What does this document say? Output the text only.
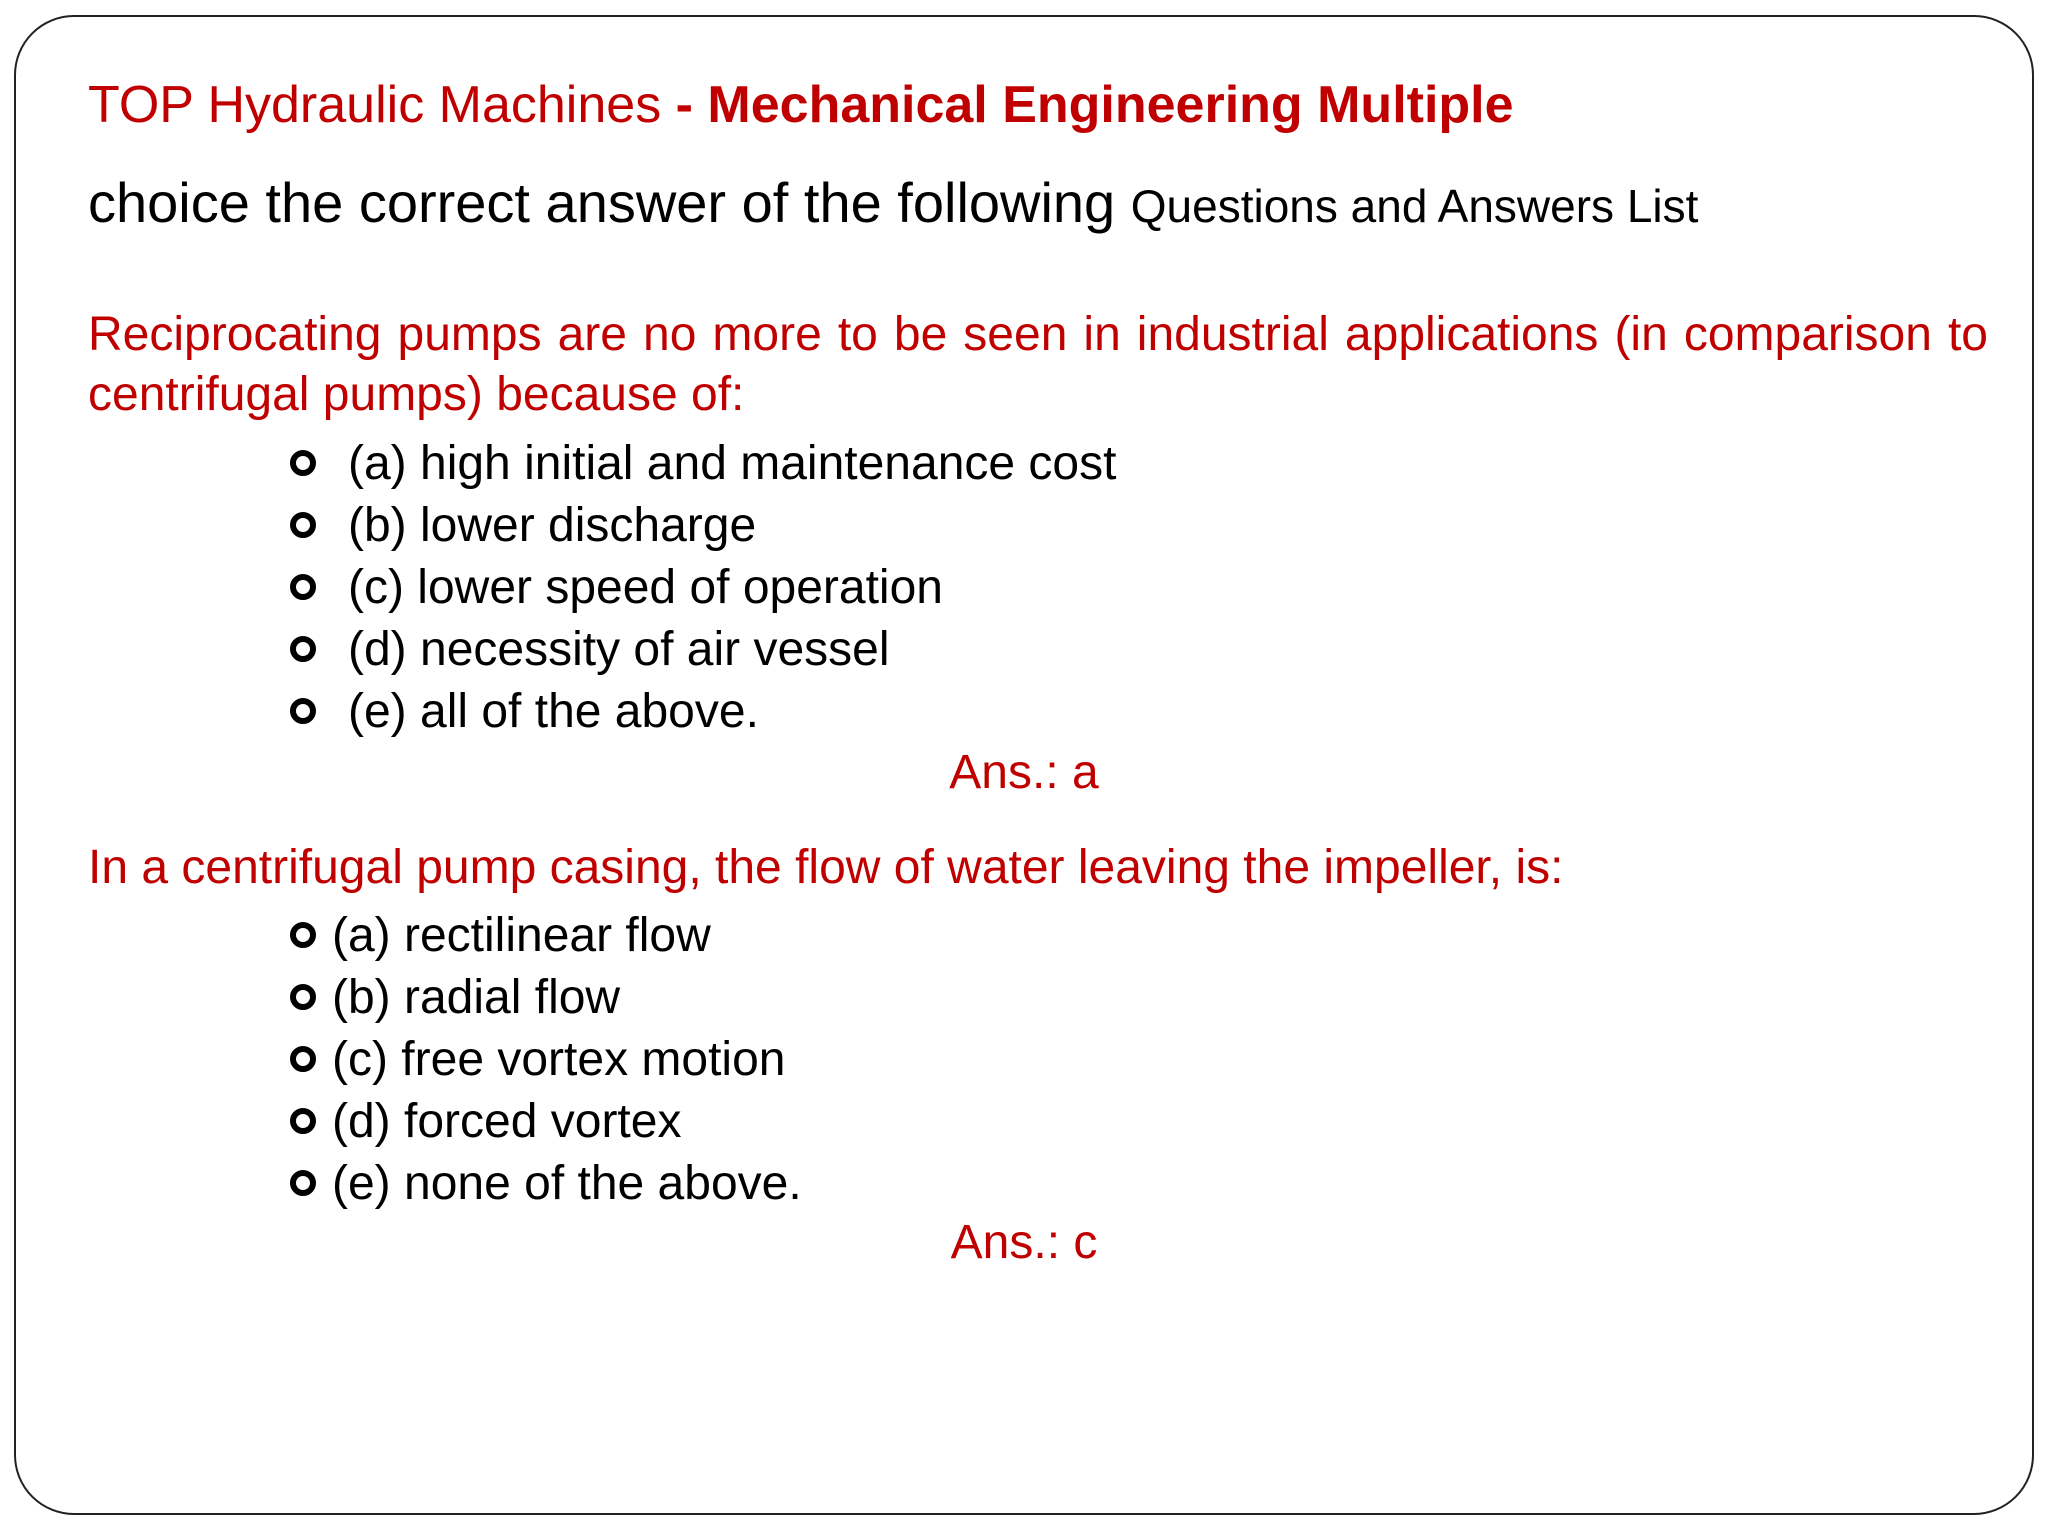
TOP Hydraulic Machines - Mechanical Engineering Multiple
choice the correct answer of the following Questions and Answers List
Reciprocating pumps are no more to be seen in industrial applications (in comparison to centrifugal pumps) because of:
(a) high initial and maintenance cost
(b) lower discharge
(c) lower speed of operation
(d) necessity of air vessel
(e) all of the above.
Ans.: a
In a centrifugal pump casing, the flow of water leaving the impeller, is:
(a) rectilinear flow
(b) radial flow
(c) free vortex motion
(d) forced vortex
(e) none of the above.
Ans.: c
